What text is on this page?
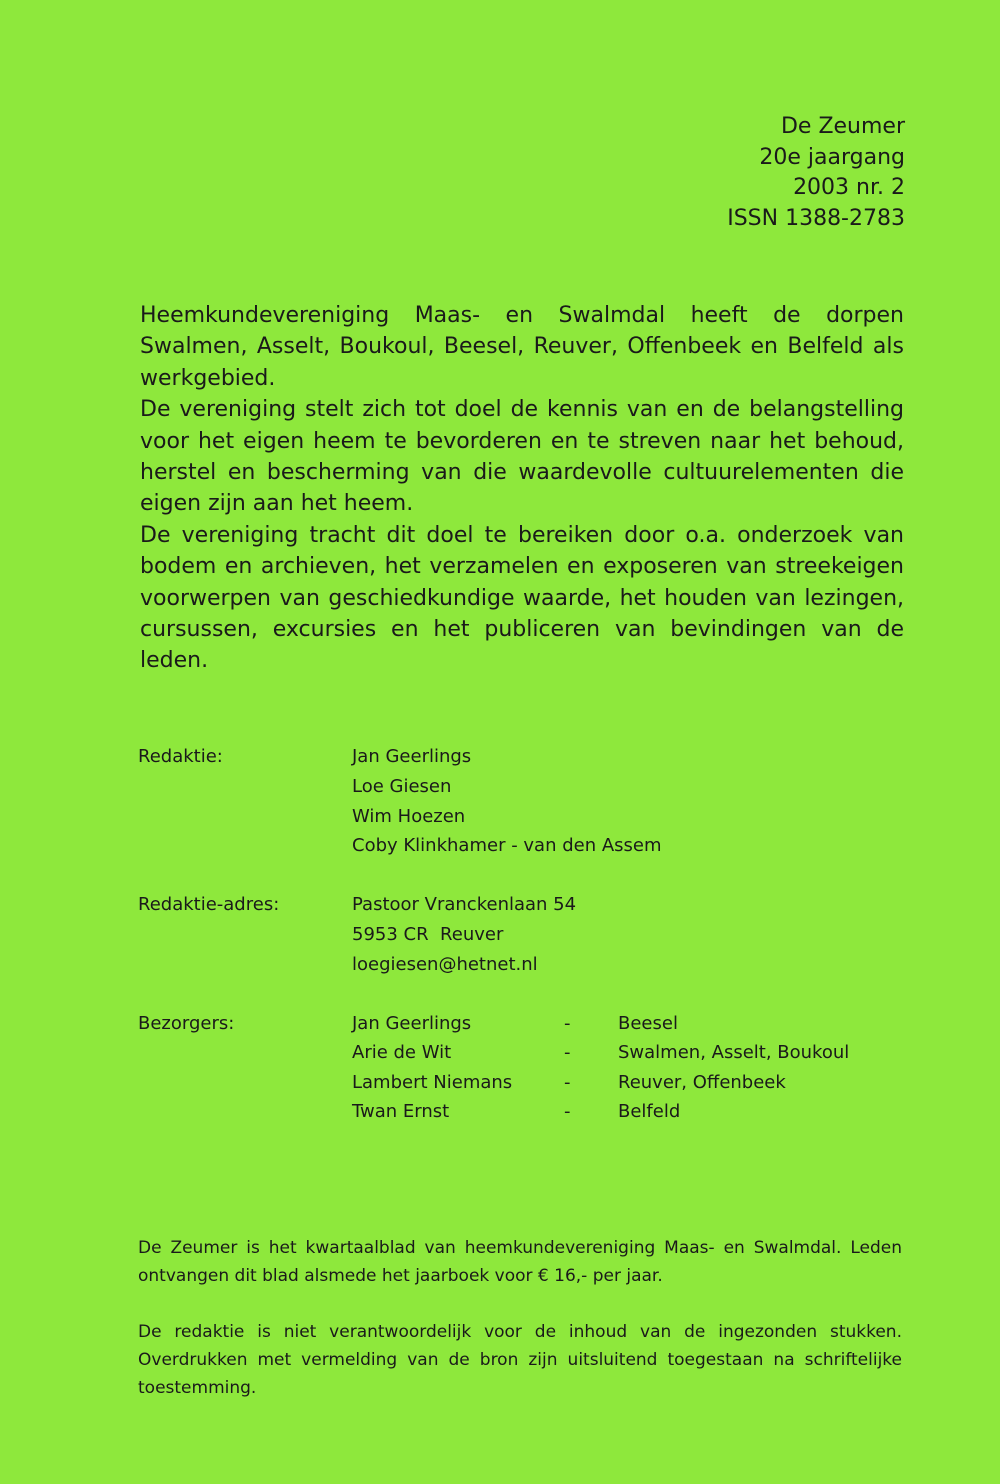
De Zeumer
20e jaargang
2003 nr. 2
ISSN 1388-2783

Heemkundevereniging Maas- en Swalmdal heeft de dorpen Swalmen, Asselt, Boukoul, Beesel, Reuver, Offenbeek en Belfeld als werkgebied.

De vereniging stelt zich tot doel de kennis van en de belangstelling voor het eigen heem te bevorderen en te streven naar het behoud, herstel en bescherming van die waardevolle cultuurelementen die eigen zijn aan het heem.

De vereniging tracht dit doel te bereiken door o.a. onderzoek van bodem en archieven, het verzamelen en exposeren van streekeigen voorwerpen van geschiedkundige waarde, het houden van lezingen, cursussen, excursies en het publiceren van bevindingen van de leden.

Redaktie:	Jan Geerlings
Loe Giesen
Wim Hoezen
Coby Klinkhamer - van den Assem
Redaktie-adres:	Pastoor Vranckenlaan 54
5953 CR  Reuver
loegiesen@hetnet.nl
Bezorgers:	Jan Geerlings	-	Beesel
Arie de Wit	-	Swalmen, Asselt, Boukoul
Lambert Niemans	-	Reuver, Offenbeek
Twan Ernst	-	Belfeld

De Zeumer is het kwartaalblad van heemkundevereniging Maas- en Swalmdal. Leden ontvangen dit blad alsmede het jaarboek voor € 16,- per jaar.

De redaktie is niet verantwoordelijk voor de inhoud van de ingezonden stukken. Overdrukken met vermelding van de bron zijn uitsluitend toegestaan na schriftelijke toestemming.
